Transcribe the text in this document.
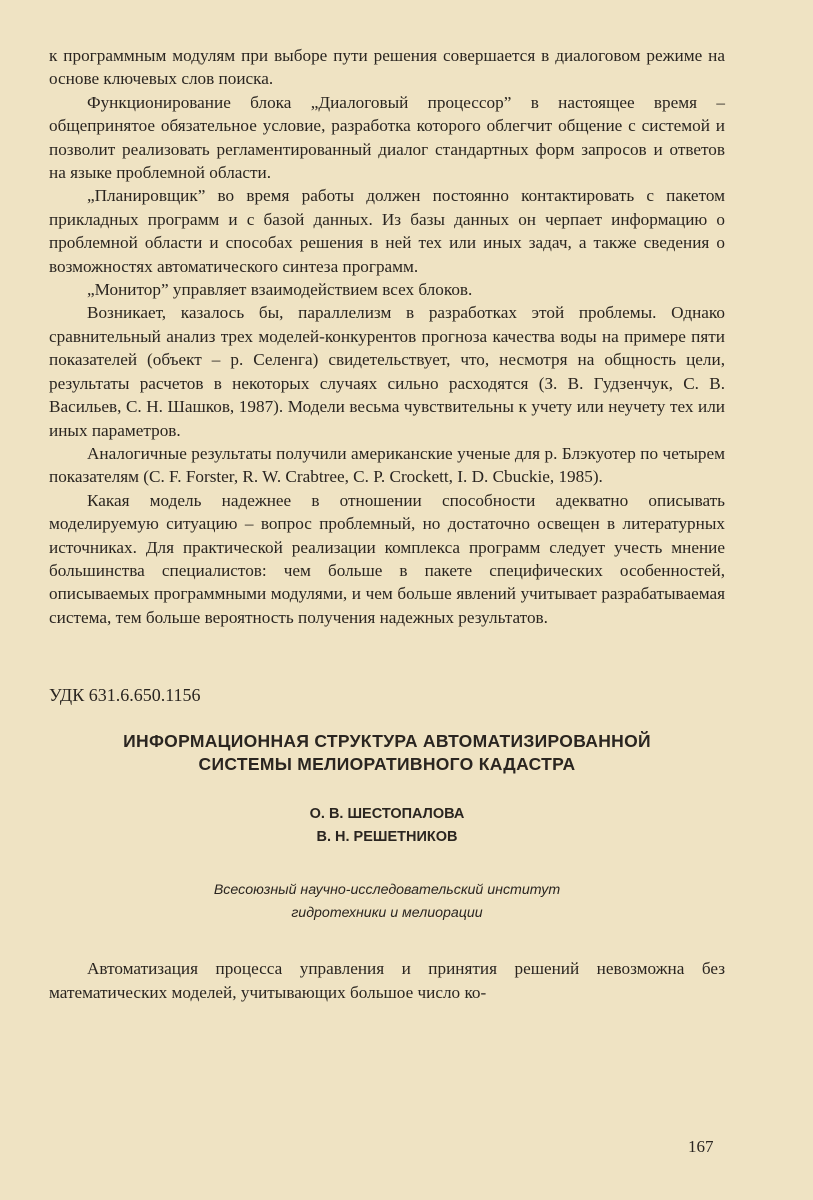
к программным модулям при выборе пути решения совершается в диалоговом режиме на основе ключевых слов поиска.

Функционирование блока „Диалоговый процессор” в настоящее время – общепринятое обязательное условие, разработка которого облегчит общение с системой и позволит реализовать регламентированный диалог стандартных форм запросов и ответов на языке проблемной области.

„Планировщик” во время работы должен постоянно контактировать с пакетом прикладных программ и с базой данных. Из базы данных он черпает информацию о проблемной области и способах решения в ней тех или иных задач, а также сведения о возможностях автоматического синтеза программ.

„Монитор” управляет взаимодействием всех блоков.

Возникает, казалось бы, параллелизм в разработках этой проблемы. Однако сравнительный анализ трех моделей-конкурентов прогноза качества воды на примере пяти показателей (объект – р. Селенга) свидетельствует, что, несмотря на общность цели, результаты расчетов в некоторых случаях сильно расходятся (З. В. Гудзенчук, С. В. Васильев, С. Н. Шашков, 1987). Модели весьма чувствительны к учету или неучету тех или иных параметров.

Аналогичные результаты получили американские ученые для р. Блэкуотер по четырем показателям (C. F. Forster, R. W. Crabtree, C. P. Crockett, I. D. Cbuckie, 1985).

Какая модель надежнее в отношении способности адекватно описывать моделируемую ситуацию – вопрос проблемный, но достаточно освещен в литературных источниках. Для практической реализации комплекса программ следует учесть мнение большинства специалистов: чем больше в пакете специфических особенностей, описываемых программными модулями, и чем больше явлений учитывает разрабатываемая система, тем больше вероятность получения надежных результатов.

УДК 631.6.650.1156
ИНФОРМАЦИОННАЯ СТРУКТУРА АВТОМАТИЗИРОВАННОЙ
СИСТЕМЫ МЕЛИОРАТИВНОГО КАДАСТРА
О. В. ШЕСТОПАЛОВА
В. Н. РЕШЕТНИКОВ
Всесоюзный научно-исследовательский институт
гидротехники и мелиорации

Автоматизация процесса управления и принятия решений невозможна без математических моделей, учитывающих большое число ко-

167
